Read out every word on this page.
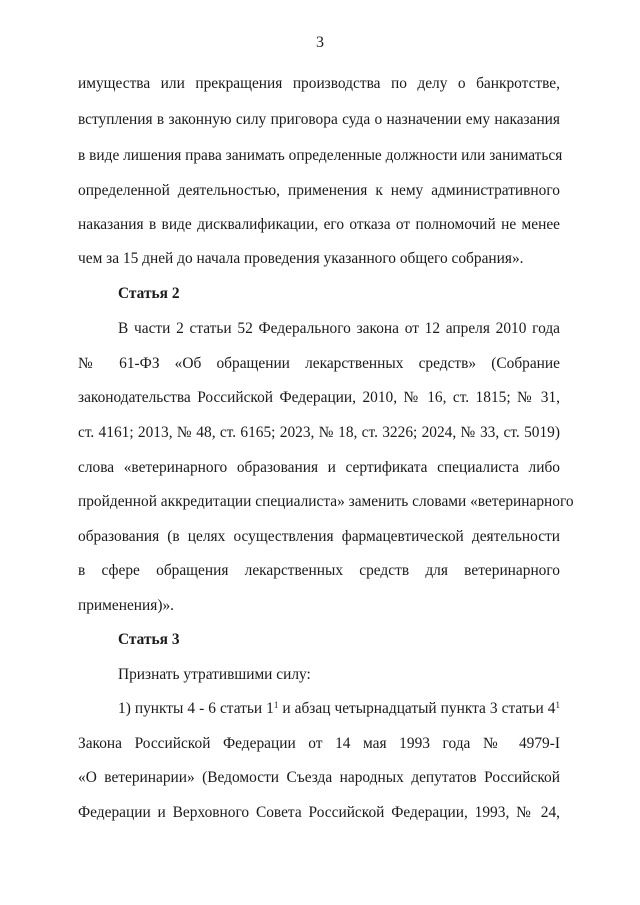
3
имущества или прекращения производства по делу о банкротстве,
вступления в законную силу приговора суда о назначении ему наказания
в виде лишения права занимать определенные должности или заниматься
определенной деятельностью, применения к нему административного
наказания в виде дисквалификации, его отказа от полномочий не менее
чем за 15 дней до начала проведения указанного общего собрания».
Статья 2
В части 2 статьи 52 Федерального закона от 12 апреля 2010 года
№ 61-ФЗ «Об обращении лекарственных средств» (Собрание
законодательства Российской Федерации, 2010, № 16, ст. 1815; № 31,
ст. 4161; 2013, № 48, ст. 6165; 2023, № 18, ст. 3226; 2024, № 33, ст. 5019)
слова «ветеринарного образования и сертификата специалиста либо
пройденной аккредитации специалиста» заменить словами «ветеринарного
образования (в целях осуществления фармацевтической деятельности
в сфере обращения лекарственных средств для ветеринарного
применения)».
Статья 3
Признать утратившими силу:
1) пункты 4 - 6 статьи $1^1$ и абзац четырнадцатый пункта 3 статьи $4^1$
Закона Российской Федерации от 14 мая 1993 года № 4979-I
«О ветеринарии» (Ведомости Съезда народных депутатов Российской
Федерации и Верховного Совета Российской Федерации, 1993, № 24,
